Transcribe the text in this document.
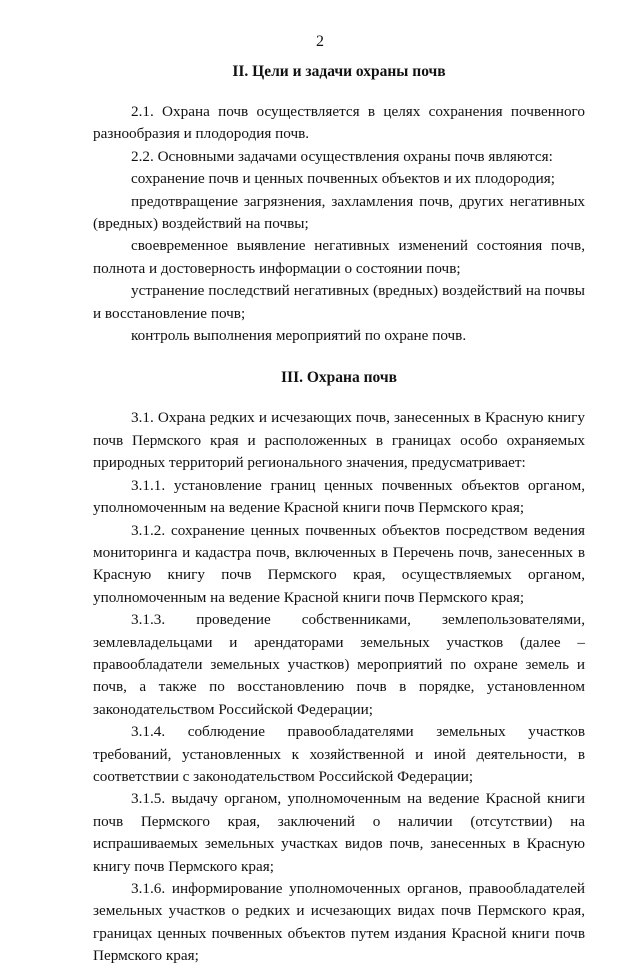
2
II. Цели и задачи охраны почв

2.1. Охрана почв осуществляется в целях сохранения почвенного разнообразия и плодородия почв.

2.2. Основными задачами осуществления охраны почв являются:

сохранение почв и ценных почвенных объектов и их плодородия;

предотвращение загрязнения, захламления почв, других негативных (вредных) воздействий на почвы;

своевременное выявление негативных изменений состояния почв, полнота и достоверность информации о состоянии почв;

устранение последствий негативных (вредных) воздействий на почвы и восстановление почв;

контроль выполнения мероприятий по охране почв.

III. Охрана почв

3.1. Охрана редких и исчезающих почв, занесенных в Красную книгу почв Пермского края и расположенных в границах особо охраняемых природных территорий регионального значения, предусматривает:

3.1.1. установление границ ценных почвенных объектов органом, уполномоченным на ведение Красной книги почв Пермского края;

3.1.2. сохранение ценных почвенных объектов посредством ведения мониторинга и кадастра почв, включенных в Перечень почв, занесенных в Красную книгу почв Пермского края, осуществляемых органом, уполномоченным на ведение Красной книги почв Пермского края;

3.1.3. проведение собственниками, землепользователями, землевладельцами и арендаторами земельных участков (далее – правообладатели земельных участков) мероприятий по охране земель и почв, а также по восстановлению почв в порядке, установленном законодательством Российской Федерации;

3.1.4. соблюдение правообладателями земельных участков требований, установленных к хозяйственной и иной деятельности, в соответствии с законодательством Российской Федерации;

3.1.5. выдачу органом, уполномоченным на ведение Красной книги почв Пермского края, заключений о наличии (отсутствии) на испрашиваемых земельных участках видов почв, занесенных в Красную книгу почв Пермского края;

3.1.6. информирование уполномоченных органов, правообладателей земельных участков о редких и исчезающих видах почв Пермского края, границах ценных почвенных объектов путем издания Красной книги почв Пермского края;
